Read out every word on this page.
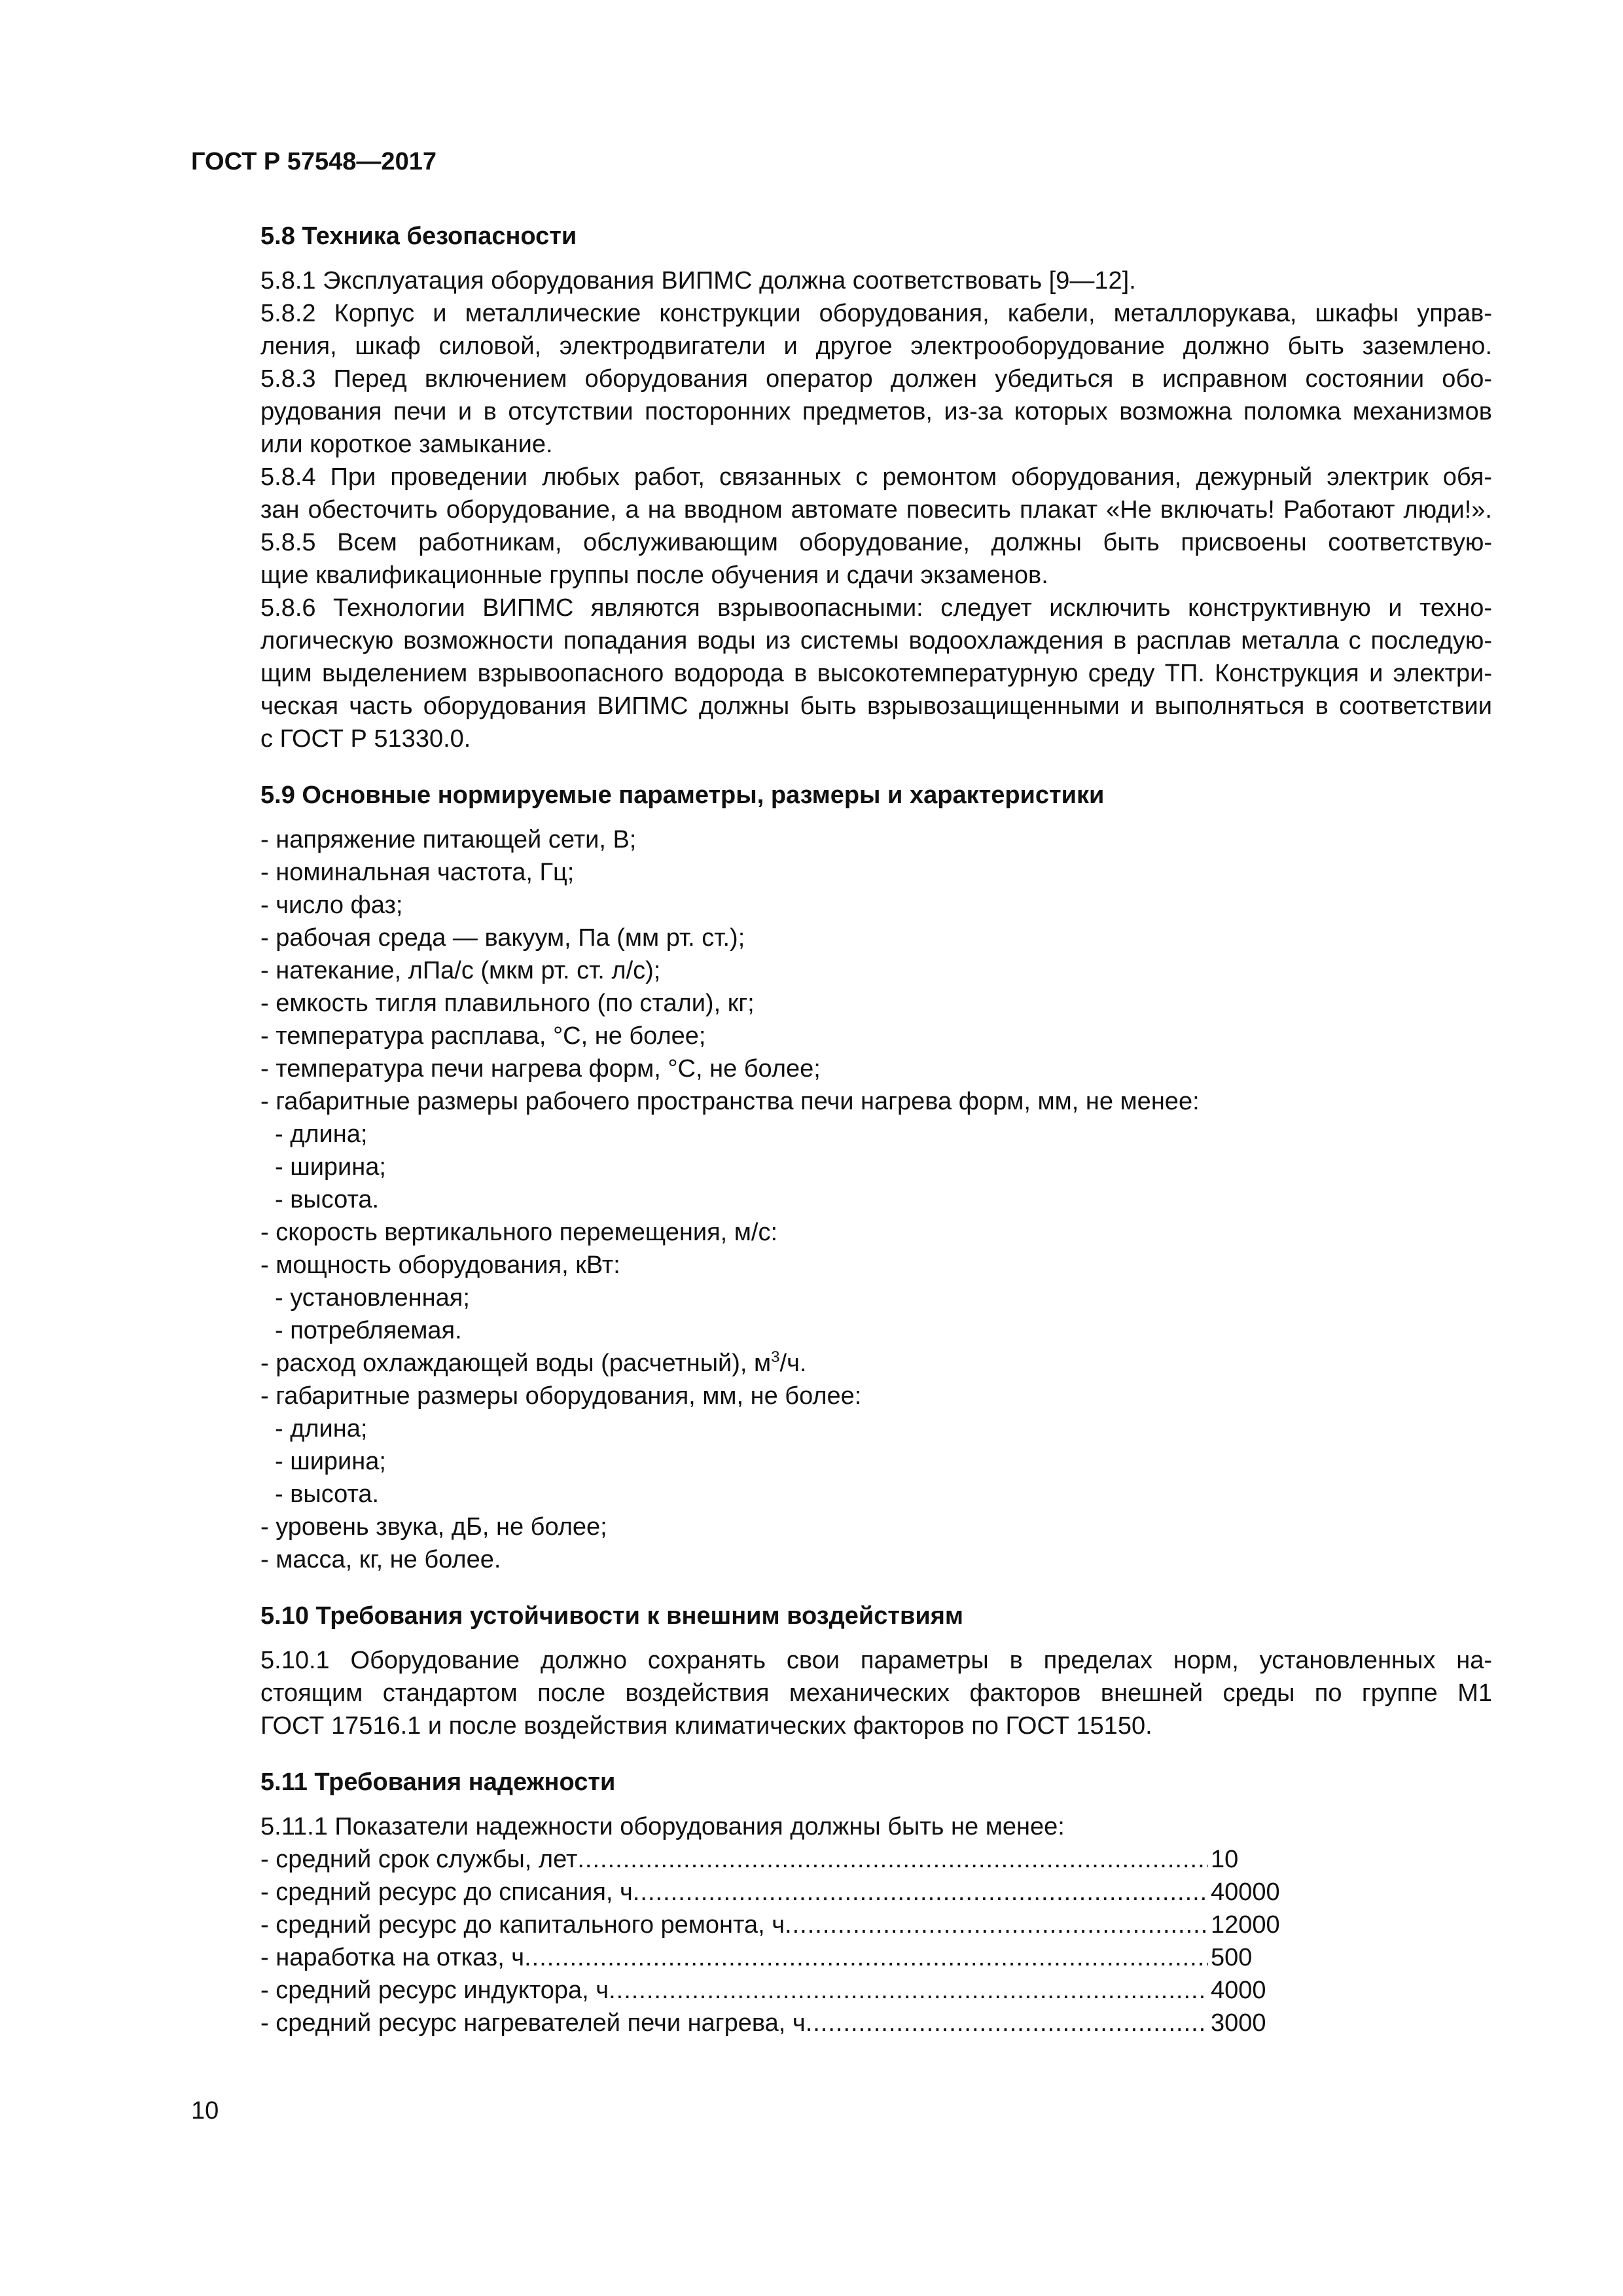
ГОСТ Р 57548—2017
5.8 Техника безопасности
5.8.1 Эксплуатация оборудования ВИПМС должна соответствовать [9—12].

5.8.2 Корпус и металлические конструкции оборудования, кабели, металлорукава, шкафы управ-

ления, шкаф силовой, электродвигатели и другое электрооборудование должно быть заземлено.

5.8.3 Перед включением оборудования оператор должен убедиться в исправном состоянии обо-

рудования печи и в отсутствии посторонних предметов, из-за которых возможна поломка механизмов

или короткое замыкание.

5.8.4 При проведении любых работ, связанных с ремонтом оборудования, дежурный электрик обя-

зан обесточить оборудование, а на вводном автомате повесить плакат «Не включать! Работают люди!».

5.8.5 Всем работникам, обслуживающим оборудование, должны быть присвоены соответствую-

щие квалификационные группы после обучения и сдачи экзаменов.

5.8.6 Технологии ВИПМС являются взрывоопасными: следует исключить конструктивную и техно-

логическую возможности попадания воды из системы водоохлаждения в расплав металла с последую-

щим выделением взрывоопасного водорода в высокотемпературную среду ТП. Конструкция и электри-

ческая часть оборудования ВИПМС должны быть взрывозащищенными и выполняться в соответствии

с ГОСТ Р 51330.0.

5.9 Основные нормируемые параметры, размеры и характеристики
- напряжение питающей сети, В;
- номинальная частота, Гц;
- число фаз;
- рабочая среда — вакуум, Па (мм рт. ст.);
- натекание, лПа/с (мкм рт. ст. л/с);
- емкость тигля плавильного (по стали), кг;
- температура расплава, °С, не более;
- температура печи нагрева форм, °С, не более;
- габаритные размеры рабочего пространства печи нагрева форм, мм, не менее:
- длина;
- ширина;
- высота.
- скорость вертикального перемещения, м/с:
- мощность оборудования, кВт:
- установленная;
- потребляемая.
- расход охлаждающей воды (расчетный), $м^3/ч$.
- габаритные размеры оборудования, мм, не более:
- длина;
- ширина;
- высота.
- уровень звука, дБ, не более;
- масса, кг, не более.
5.10 Требования устойчивости к внешним воздействиям

5.10.1 Оборудование должно сохранять свои параметры в пределах норм, установленных на-

стоящим стандартом после воздействия механических факторов внешней среды по группе М1

ГОСТ 17516.1 и после воздействия климатических факторов по ГОСТ 15150.

5.11 Требования надежности
5.11.1 Показатели надежности оборудования должны быть не менее:
- средний срок службы, лет .....	10
- средний ресурс до списания, ч .....	40000
- средний ресурс до капитального ремонта, ч .....	12000
- наработка на отказ, ч .....	500
- средний ресурс индуктора, ч .....	4000
- средний ресурс нагревателей печи нагрева, ч .....	3000
10
